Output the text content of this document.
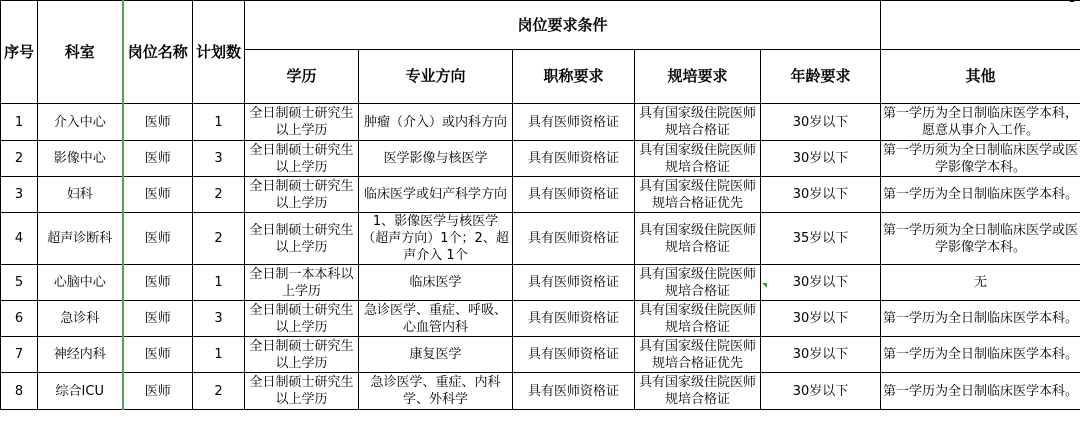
序号	科室	岗位名称	计划数	岗位要求条件					
				学历	专业方向	职称要求	规培要求	年龄要求	其他
1	介入中心	医师	1	全日制硕士研究生以上学历	肿瘤（介入）或内科方向	具有医师资格证	具有国家级住院医师规培合格证	30岁以下	第一学历为全日制临床医学本科，愿意从事介入工作。
2	影像中心	医师	3	全日制硕士研究生以上学历	医学影像与核医学	具有医师资格证	具有国家级住院医师规培合格证	30岁以下	第一学历须为全日制临床医学或医学影像学本科。
3	妇科	医师	2	全日制硕士研究生以上学历	临床医学或妇产科学方向	具有医师资格证	具有国家级住院医师规培合格证优先	30岁以下	第一学历为全日制临床医学本科。
4	超声诊断科	医师	2	全日制硕士研究生以上学历	1、影像医学与核医学（超声方向）1个；2、超声介入 1个	具有医师资格证	具有国家级住院医师规培合格证	35岁以下	第一学历须为全日制临床医学或医学影像学本科。
5	心脑中心	医师	1	全日制一本本科以上学历	临床医学	具有医师资格证	具有国家级住院医师规培合格证	30岁以下	无
6	急诊科	医师	3	全日制硕士研究生以上学历	急诊医学、重症、呼吸、心血管内科	具有医师资格证	具有国家级住院医师规培合格证	30岁以下	第一学历为全日制临床医学本科。
7	神经内科	医师	1	全日制硕士研究生以上学历	康复医学	具有医师资格证	具有国家级住院医师规培合格证优先	30岁以下	第一学历为全日制临床医学本科。
8	综合ICU	医师	2	全日制硕士研究生以上学历	急诊医学、重症、内科学、外科学	具有医师资格证	具有国家级住院医师规培合格证	30岁以下	第一学历为全日制临床医学本科。
